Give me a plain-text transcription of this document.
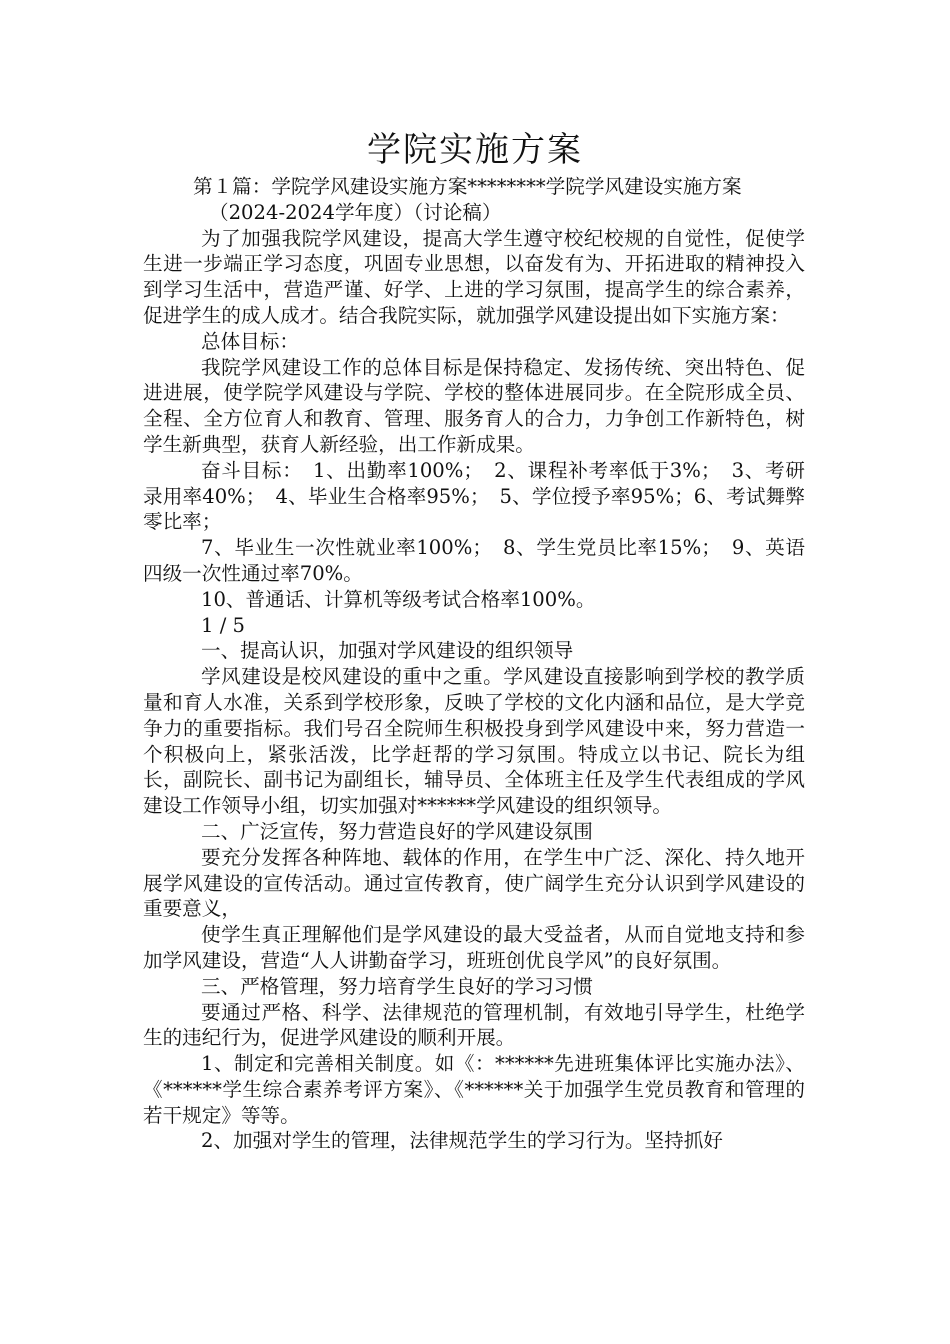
学院实施方案

第１篇：学院学风建设实施方案********学院学风建设实施方案

（2024-2024学年度）（讨论稿）

为了加强我院学风建设，提高大学生遵守校纪校规的自觉性，促使学生进一步端正学习态度，巩固专业思想，以奋发有为、开拓进取的精神投入到学习生活中，营造严谨、好学、上进的学习氛围，提高学生的综合素养，促进学生的成人成才。结合我院实际，就加强学风建设提出如下实施方案：

总体目标：

我院学风建设工作的总体目标是保持稳定、发扬传统、突出特色、促进进展，使学院学风建设与学院、学校的整体进展同步。在全院形成全员、全程、全方位育人和教育、管理、服务育人的合力，力争创工作新特色，树学生新典型，获育人新经验，出工作新成果。

奋斗目标：　1、出勤率100%；　2、课程补考率低于3%；　3、考研录用率40%；　4、毕业生合格率95%；　5、学位授予率95%；6、考试舞弊零比率；

7、毕业生一次性就业率100%；　8、学生党员比率15%；　9、英语四级一次性通过率70%。

10、普通话、计算机等级考试合格率100%。

1 / 5

一、提高认识，加强对学风建设的组织领导

学风建设是校风建设的重中之重。学风建设直接影响到学校的教学质量和育人水准，关系到学校形象，反映了学校的文化内涵和品位，是大学竞争力的重要指标。我们号召全院师生积极投身到学风建设中来，努力营造一个积极向上，紧张活泼，比学赶帮的学习氛围。特成立以书记、院长为组长，副院长、副书记为副组长，辅导员、全体班主任及学生代表组成的学风建设工作领导小组，切实加强对******学风建设的组织领导。

二、广泛宣传，努力营造良好的学风建设氛围

要充分发挥各种阵地、载体的作用，在学生中广泛、深化、持久地开展学风建设的宣传活动。通过宣传教育，使广阔学生充分认识到学风建设的重要意义，

使学生真正理解他们是学风建设的最大受益者，从而自觉地支持和参加学风建设，营造“人人讲勤奋学习，班班创优良学风”的良好氛围。

三、严格管理，努力培育学生良好的学习习惯

要通过严格、科学、法律规范的管理机制，有效地引导学生，杜绝学生的违纪行为，促进学风建设的顺利开展。

1、制定和完善相关制度。如《：******先进班集体评比实施办法》、《******学生综合素养考评方案》、《******关于加强学生党员教育和管理的若干规定》等等。

2、加强对学生的管理，法律规范学生的学习行为。坚持抓好
